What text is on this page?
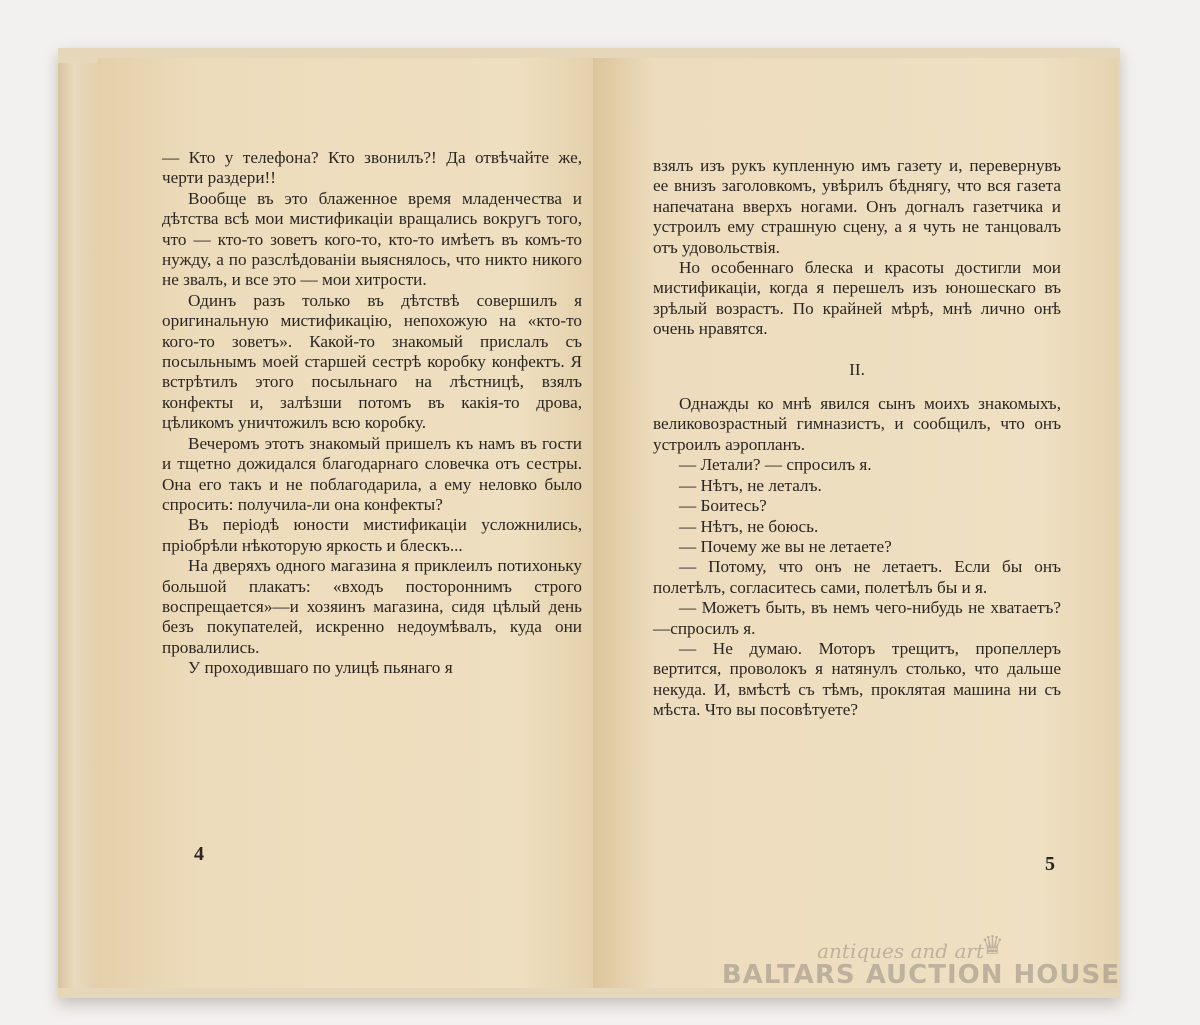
— Кто у телефона? Кто звонилъ?! Да отвѣчайте же, черти раздери!!

Вообще въ это блаженное время младенчества и дѣтства всѣ мои мистификаціи вращались вокругъ того, что — кто-то зоветъ кого-то, кто-то имѣетъ въ комъ-то нужду, а по разслѣдованіи выяснялось, что никто никого не звалъ, и все это — мои хитрости.

Одинъ разъ только въ дѣтствѣ совершилъ я оригинальную мистификацію, непохожую на «кто-то кого-то зоветъ». Какой-то знакомый прислалъ съ посыльнымъ моей старшей сестрѣ коробку конфектъ. Я встрѣтилъ этого посыльнаго на лѣстницѣ, взялъ конфекты и, залѣзши потомъ въ какія-то дрова, цѣликомъ уничтожилъ всю коробку.

Вечеромъ этотъ знакомый пришелъ къ намъ въ гости и тщетно дожидался благодарнаго словечка отъ сестры. Она его такъ и не поблагодарила, а ему неловко было спросить: получила-ли она конфекты?

Въ періодѣ юности мистификаціи усложнились, пріобрѣли нѣкоторую яркость и блескъ...

На дверяхъ одного магазина я приклеилъ потихоньку большой плакатъ: «входъ постороннимъ строго воспрещается»—и хозяинъ магазина, сидя цѣлый день безъ покупателей, искренно недоумѣвалъ, куда они провалились.

У проходившаго по улицѣ пьянаго я

4

взялъ изъ рукъ купленную имъ газету и, перевернувъ ее внизъ заголовкомъ, увѣрилъ бѣднягу, что вся газета напечатана вверхъ ногами. Онъ догналъ газетчика и устроилъ ему страшную сцену, а я чуть не танцовалъ отъ удовольствія.

Но особеннаго блеска и красоты достигли мои мистификаціи, когда я перешелъ изъ юношескаго въ зрѣлый возрастъ. По крайней мѣрѣ, мнѣ лично онѣ очень нравятся.

II.

Однажды ко мнѣ явился сынъ моихъ знакомыхъ, великовозрастный гимназистъ, и сообщилъ, что онъ устроилъ аэропланъ.

— Летали? — спросилъ я.

— Нѣтъ, не леталъ.

— Боитесь?

— Нѣтъ, не боюсь.

— Почему же вы не летаете?

— Потому, что онъ не летаетъ. Если бы онъ полетѣлъ, согласитесь сами, полетѣлъ бы и я.

— Можетъ быть, въ немъ чего-нибудь не хватаетъ?—спросилъ я.

— Не думаю. Моторъ трещитъ, пропеллеръ вертится, проволокъ я натянулъ столько, что дальше некуда. И, вмѣстѣ съ тѣмъ, проклятая машина ни съ мѣста. Что вы посовѣтуете?

5
♛
antiques and art
BALTARS AUCTION HOUSE
